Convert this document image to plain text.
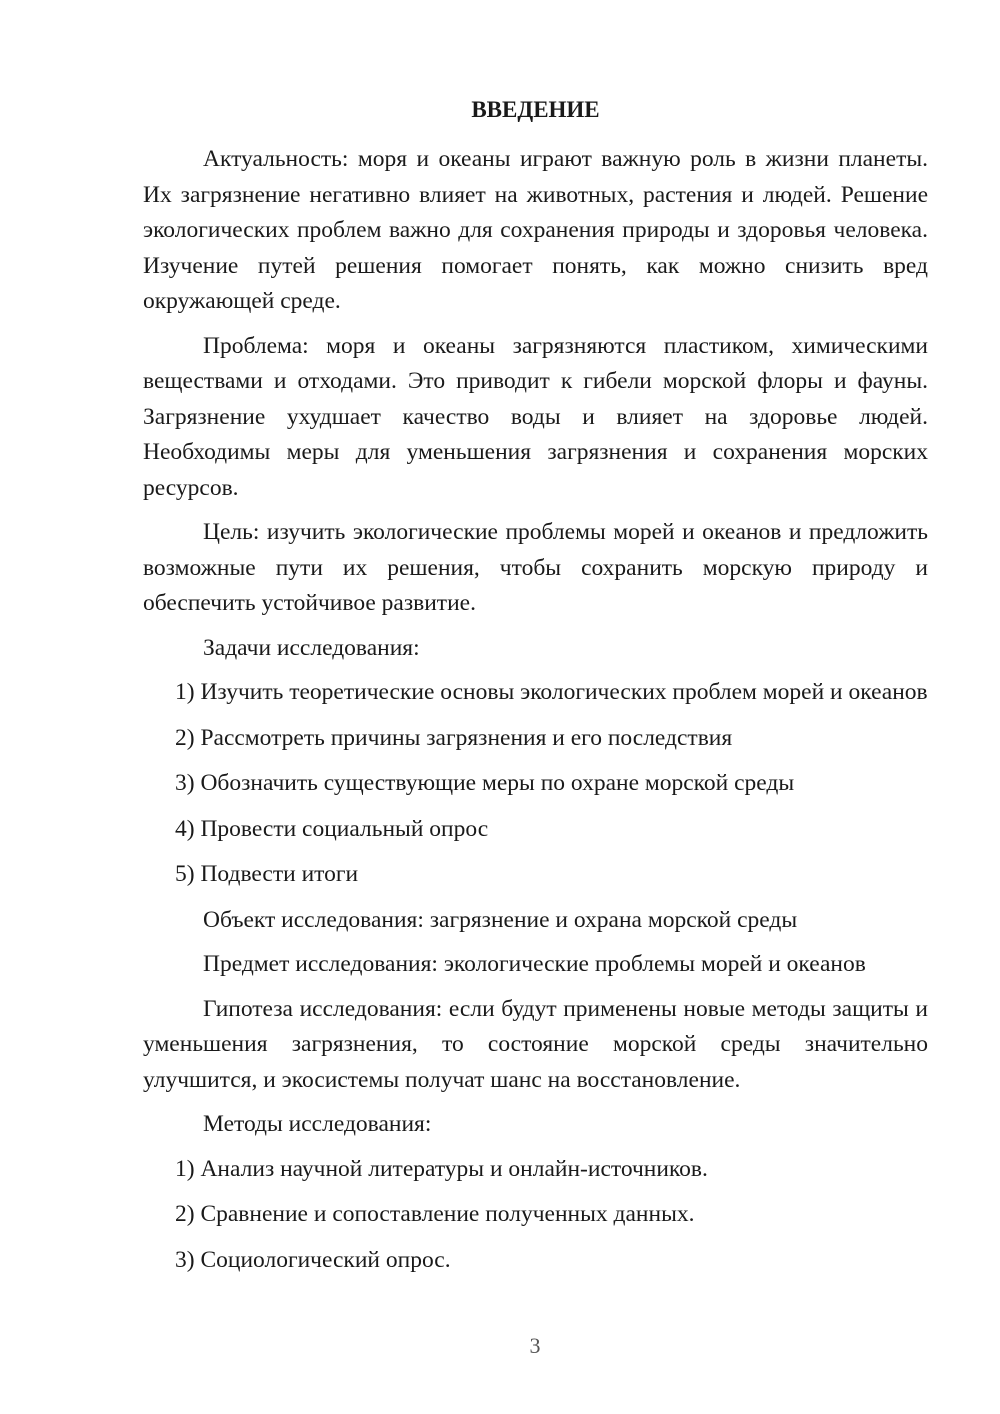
ВВЕДЕНИЕ

Актуальность: моря и океаны играют важную роль в жизни планеты. Их загрязнение негативно влияет на животных, растения и людей. Решение экологических проблем важно для сохранения природы и здоровья человека. Изучение путей решения помогает понять, как можно снизить вред окружающей среде.

Проблема: моря и океаны загрязняются пластиком, химическими веществами и отходами. Это приводит к гибели морской флоры и фауны. Загрязнение ухудшает качество воды и влияет на здоровье людей. Необходимы меры для уменьшения загрязнения и сохранения морских ресурсов.

Цель: изучить экологические проблемы морей и океанов и предложить возможные пути их решения, чтобы сохранить морскую природу и обеспечить устойчивое развитие.

Задачи исследования:

1) Изучить теоретические основы экологических проблем морей и океанов

2) Рассмотреть причины загрязнения и его последствия

3) Обозначить существующие меры по охране морской среды

4) Провести социальный опрос

5) Подвести итоги

Объект исследования: загрязнение и охрана морской среды

Предмет исследования: экологические проблемы морей и океанов

Гипотеза исследования: если будут применены новые методы защиты и уменьшения загрязнения, то состояние морской среды значительно улучшится, и экосистемы получат шанс на восстановление.

Методы исследования:

1) Анализ научной литературы и онлайн-источников.

2) Сравнение и сопоставление полученных данных.

3) Социологический опрос.

3
